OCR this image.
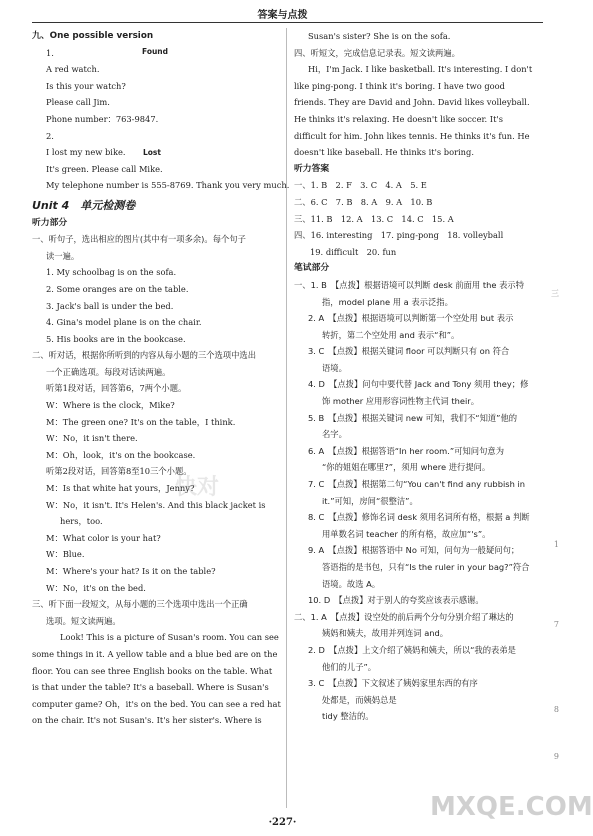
答案与点拨
九、One possible version
1.
A red watch.
Is this your watch?
Please call Jim.
Phone number：763-9847.
2.
I lost my new bike.
It's green. Please call Mike.
My telephone number is 555-8769. Thank you very much.
Unit 4　 单元检测卷
听力部分
一、听句子，选出相应的图片(其中有一项多余)。每个句子
读一遍。
1. My schoolbag is on the sofa.
2. Some oranges are on the table.
3. Jack's ball is under the bed.
4. Gina's model plane is on the chair.
5. His books are in the bookcase.
二、听对话，根据你所听到的内容从每小题的三个选项中选出
一个正确选项。每段对话读两遍。
听第1段对话，回答第6，7两个小题。
W：Where is the clock，Mike?
M：The green one? It's on the table，I think.
W：No，it isn't there.
M：Oh，look，it's on the bookcase.
听第2段对话，回答第8至10三个小题。
M：Is that white hat yours，Jenny?
W：No，it isn't. It's Helen's. And this black jacket is
hers，too.
M：What color is your hat?
W：Blue.
M：Where's your hat? Is it on the table?
W：No，it's on the bed.
三、听下面一段短文，从每小题的三个选项中选出一个正确
选项。短文读两遍。
Look! This is a picture of Susan's room. You can see
some things in it. A yellow table and a blue bed are on the
floor. You can see three English books on the table. What
is that under the table? It's a baseball. Where is Susan's
computer game? Oh，it's on the bed. You can see a red hat
on the chair. It's not Susan's. It's her sister's. Where is
Found
Lost
Susan's sister? She is on the sofa.
四、听短文，完成信息记录表。短文读两遍。
Hi，I'm Jack. I like basketball. It's interesting. I don't
like ping-pong. I think it's boring. I have two good
friends. They are David and John. David likes volleyball.
He thinks it's relaxing. He doesn't like soccer. It's
difficult for him. John likes tennis. He thinks it's fun. He
doesn't like baseball. He thinks it's boring.
听力答案
一、1. B　2. F　3. C　4. A　5. E
二、6. C　7. B　8. A　9. A　10. B
三、11. B　12. A　13. C　14. C　15. A
四、16. interesting　17. ping-pong　18. volleyball
19. difficult　20. fun
笔试部分
一、1. B　【点拨】根据语境可以判断 desk 前面用 the 表示特
指，model plane 用 a 表示泛指。
2. A　【点拨】根据语境可以判断第一个空处用 but 表示
转折，第二个空处用 and 表示“和”。
3. C　【点拨】根据关键词 floor 可以判断只有 on 符合
语境。
4. D　【点拨】问句中要代替 Jack and Tony 须用 they；修
饰 mother 应用形容词性物主代词 their。
5. B　【点拨】根据关键词 new 可知，我们不“知道”他的
名字。
6. A　【点拨】根据答语“In her room.”可知问句意为
“你的姐姐在哪里?”，须用 where 进行提问。
7. C　【点拨】根据第二句“You can't find any rubbish in
it.”可知，房间“很整洁”。
8. C　【点拨】修饰名词 desk 须用名词所有格，根据 a 判断
用单数名词 teacher 的所有格，故应加“'s”。
9. A　【点拨】根据答语中 No 可知，问句为一般疑问句；
答语指的是书包，只有“Is the ruler in your bag?”符合
语境。故选 A。
10. D　【点拨】对于别人的夸奖应该表示感谢。
二、1. A　【点拨】设空处的前后两个分句分别介绍了琳达的
姨妈和姨夫，故用并列连词 and。
2. D　【点拨】上文介绍了姨妈和姨夫，所以“我的表弟是
他们的儿子”。
3. C　【点拨】下文叙述了姨妈家里东西的有序
处都是，而姨妈总是
tidy 整洁的。
三
1
7
8
9
快对
MXQE.COM
·227·
